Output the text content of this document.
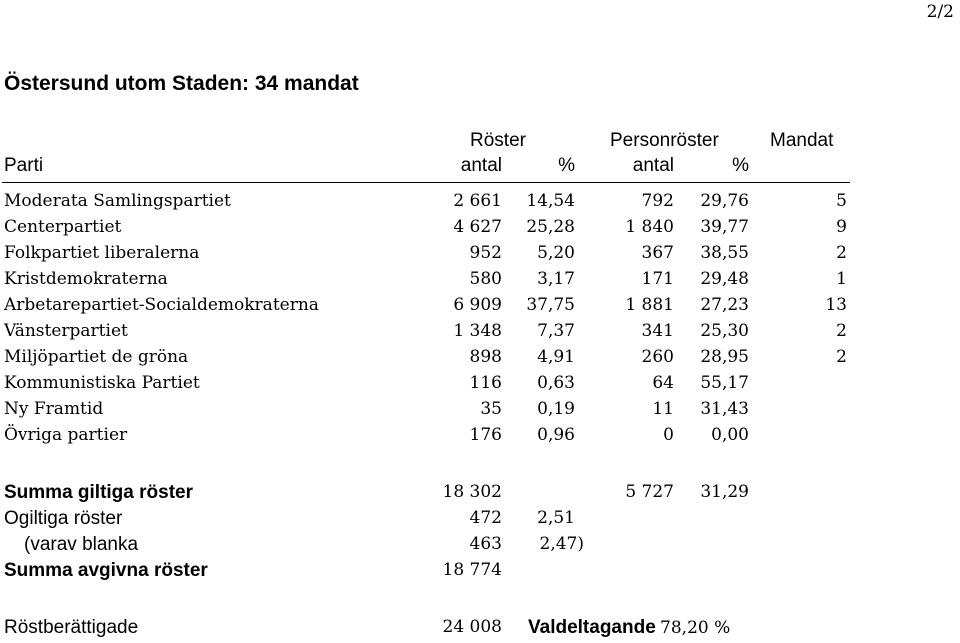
2/2
Östersund utom Staden: 34 mandat
Röster	Personröster	Mandat
Parti	antal	%	antal	%
Moderata Samlingspartiet	2 661 14,54	792 29,76	5
Centerpartiet	4 627 25,28	1 840 39,77	9
Folkpartiet liberalerna	952 5,20	367 38,55	2
Kristdemokraterna	580 3,17	171 29,48	1
Arbetarepartiet-Socialdemokraterna	6 909 37,75	1 881 27,23	13
Vänsterpartiet	1 348 7,37	341 25,30	2
Miljöpartiet de gröna	898 4,91	260 28,95	2
Kommunistiska Partiet	116 0,63	64 55,17
Ny Framtid	35 0,19	11 31,43
Övriga partier	176 0,96	0 0,00
Summa giltiga röster	18 302	5 727 31,29
Ogiltiga röster	472 2,51
(varav blanka	463 2,47)
Summa avgivna röster	18 774
Röstberättigade	24 008 Valdeltagande 78,20 %
